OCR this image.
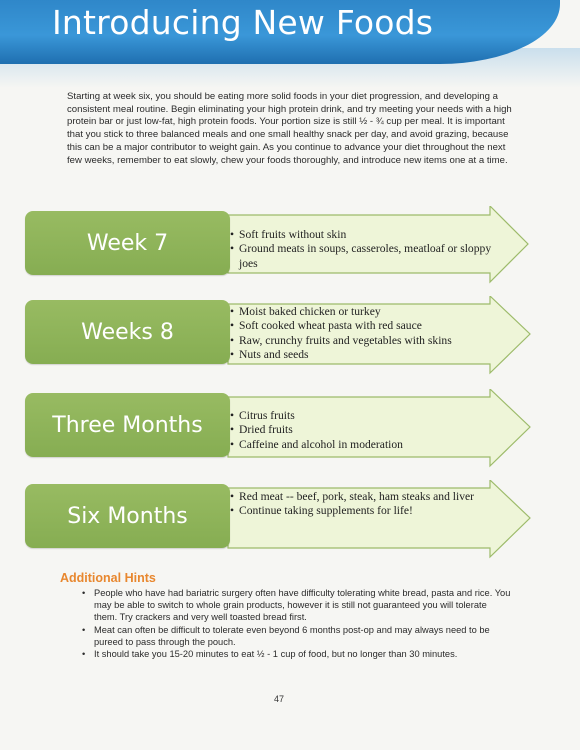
Introducing New Foods
Starting at week six, you should be eating more solid foods in your diet progression, and developing a consistent meal routine. Begin eliminating your high protein drink, and try meeting your needs with a high protein bar or just low-fat, high protein foods. Your portion size is still ½ - ¾ cup per meal. It is important that you stick to three balanced meals and one small healthy snack per day, and avoid grazing, because this can be a major contributor to weight gain. As you continue to advance your diet throughout the next few weeks, remember to eat slowly, chew your foods thoroughly, and introduce new items one at a time.
Week 7	• Soft fruits without skin
• Ground meats in soups, casseroles, meatloaf or sloppy joes
Weeks 8
• Moist baked chicken or turkey
• Soft cooked wheat pasta with red sauce
• Raw, crunchy fruits and vegetables with skins
• Nuts and seeds
Three Months	• Citrus fruits
• Dried fruits
• Caffeine and alcohol in moderation
Six Months
• Red meat -- beef, pork, steak, ham steaks and liver
• Continue taking supplements for life!
Additional Hints
• People who have had bariatric surgery often have difficulty tolerating white bread, pasta and rice. You may be able to switch to whole grain products, however it is still not guaranteed you will tolerate them. Try crackers and very well toasted bread first.
• Meat can often be difficult to tolerate even beyond 6 months post-op and may always need to be pureed to pass through the pouch.
• It should take you 15-20 minutes to eat ½ - 1 cup of food, but no longer than 30 minutes.
47
